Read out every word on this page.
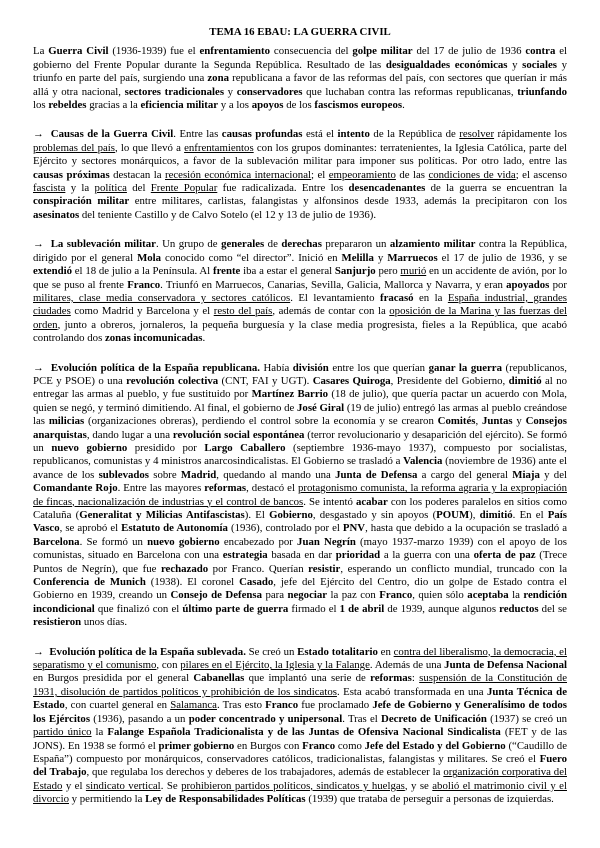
TEMA 16 EBAU: LA GUERRA CIVIL

La Guerra Civil (1936-1939) fue el enfrentamiento consecuencia del golpe militar del 17 de julio de 1936 contra el gobierno del Frente Popular durante la Segunda República. Resultado de las desigualdades económicas y sociales y triunfo en parte del país, surgiendo una zona republicana a favor de las reformas del país, con sectores que querían ir más allá y otra nacional, sectores tradicionales y conservadores que luchaban contra las reformas republicanas, triunfando los rebeldes gracias a la eficiencia militar y a los apoyos de los fascismos europeos.

→  Causas de la Guerra Civil. Entre las causas profundas está el intento de la República de resolver rápidamente los problemas del país, lo que llevó a enfrentamientos con los grupos dominantes: terratenientes, la Iglesia Católica, parte del Ejército y sectores monárquicos, a favor de la sublevación militar para imponer sus políticas. Por otro lado, entre las causas próximas destacan la recesión económica internacional; el empeoramiento de las condiciones de vida; el ascenso fascista y la política del Frente Popular fue radicalizada. Entre los desencadenantes de la guerra se encuentran la conspiración militar entre militares, carlistas, falangistas y alfonsinos desde 1933, además la precipitaron con los asesinatos del teniente Castillo y de Calvo Sotelo (el 12 y 13 de julio de 1936).

→  La sublevación militar. Un grupo de generales de derechas prepararon un alzamiento militar contra la República, dirigido por el general Mola conocido como “el director”. Inició en Melilla y Marruecos el 17 de julio de 1936, y se extendió el 18 de julio a la Península. Al frente iba a estar el general Sanjurjo pero murió en un accidente de avión, por lo que se puso al frente Franco. Triunfó en Marruecos, Canarias, Sevilla, Galicia, Mallorca y Navarra, y eran apoyados por militares, clase media conservadora y sectores católicos. El levantamiento fracasó en la España industrial, grandes ciudades como Madrid y Barcelona y el resto del país, además de contar con la oposición de la Marina y las fuerzas del orden, junto a obreros, jornaleros, la pequeña burguesía y la clase media progresista, fieles a la República, que acabó controlando dos zonas incomunicadas.

→  Evolución política de la España republicana. Había división entre los que querían ganar la guerra (republicanos, PCE y PSOE) o una revolución colectiva (CNT, FAI y UGT). Casares Quiroga, Presidente del Gobierno, dimitió al no entregar las armas al pueblo, y fue sustituido por Martínez Barrio (18 de julio), que quería pactar un acuerdo con Mola, quien se negó, y terminó dimitiendo. Al final, el gobierno de José Giral (19 de julio) entregó las armas al pueblo creándose las milicias (organizaciones obreras), perdiendo el control sobre la economía y se crearon Comités, Juntas y Consejos anarquistas, dando lugar a una revolución social espontánea (terror revolucionario y desaparición del ejército). Se formó un nuevo gobierno presidido por Largo Caballero (septiembre 1936-mayo 1937), compuesto por socialistas, republicanos, comunistas y 4 ministros anarcosindicalistas. El Gobierno se trasladó a Valencia (noviembre de 1936) ante el avance de los sublevados sobre Madrid, quedando al mando una Junta de Defensa a cargo del general Miaja y del Comandante Rojo. Entre las mayores reformas, destacó el protagonismo comunista, la reforma agraria y la expropiación de fincas, nacionalización de industrias y el control de bancos. Se intentó acabar con los poderes paralelos en sitios como Cataluña (Generalitat y Milicias Antifascistas). El Gobierno, desgastado y sin apoyos (POUM), dimitió. En el País Vasco, se aprobó el Estatuto de Autonomía (1936), controlado por el PNV, hasta que debido a la ocupación se trasladó a Barcelona. Se formó un nuevo gobierno encabezado por Juan Negrín (mayo 1937-marzo 1939) con el apoyo de los comunistas, situado en Barcelona con una estrategia basada en dar prioridad a la guerra con una oferta de paz (Trece Puntos de Negrín), que fue rechazado por Franco. Querían resistir, esperando un conflicto mundial, truncado con la Conferencia de Munich (1938). El coronel Casado, jefe del Ejército del Centro, dio un golpe de Estado contra el Gobierno en 1939, creando un Consejo de Defensa para negociar la paz con Franco, quien sólo aceptaba la rendición incondicional que finalizó con el último parte de guerra firmado el 1 de abril de 1939, aunque algunos reductos del se resistieron unos días.

→  Evolución política de la España sublevada. Se creó un Estado totalitario en contra del liberalismo, la democracia, el separatismo y el comunismo, con pilares en el Ejército, la Iglesia y la Falange. Además de una Junta de Defensa Nacional en Burgos presidida por el general Cabanellas que implantó una serie de reformas: suspensión de la Constitución de 1931, disolución de partidos políticos y prohibición de los sindicatos. Esta acabó transformada en una Junta Técnica de Estado, con cuartel general en Salamanca. Tras esto Franco fue proclamado Jefe de Gobierno y Generalísimo de todos los Ejércitos (1936), pasando a un poder concentrado y unipersonal. Tras el Decreto de Unificación (1937) se creó un partido único la Falange Española Tradicionalista y de las Juntas de Ofensiva Nacional Sindicalista (FET y de las JONS). En 1938 se formó el primer gobierno en Burgos con Franco como Jefe del Estado y del Gobierno (“Caudillo de España”) compuesto por monárquicos, conservadores católicos, tradicionalistas, falangistas y militares. Se creó el Fuero del Trabajo, que regulaba los derechos y deberes de los trabajadores, además de establecer la organización corporativa del Estado y el sindicato vertical. Se prohibieron partidos políticos, sindicatos y huelgas, y se abolió el matrimonio civil y el divorcio y permitiendo la Ley de Responsabilidades Políticas (1939) que trataba de perseguir a personas de izquierdas.
